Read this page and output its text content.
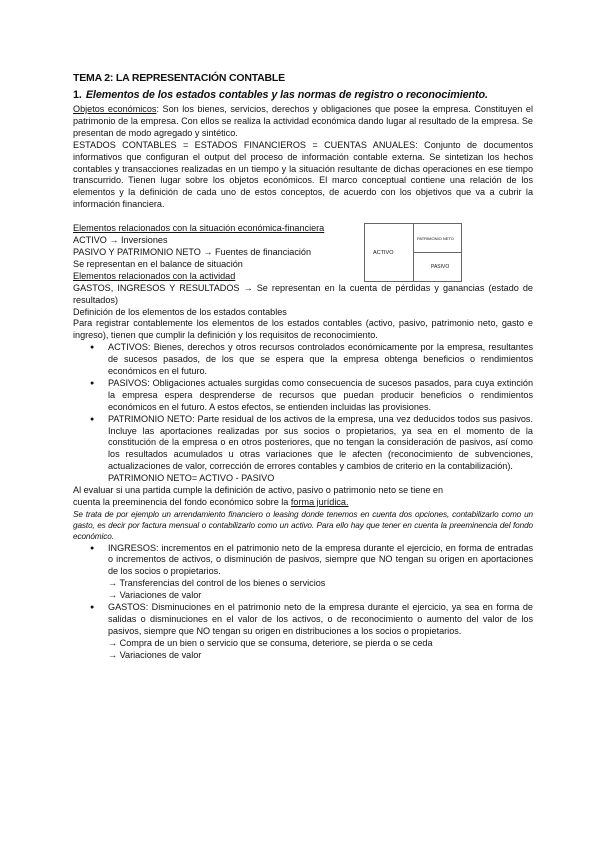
TEMA 2: LA REPRESENTACIÓN CONTABLE
1. Elementos de los estados contables y las normas de registro o reconocimiento.

Objetos económicos: Son los bienes, servicios, derechos y obligaciones que posee la empresa. Constituyen el patrimonio de la empresa. Con ellos se realiza la actividad económica dando lugar al resultado de la empresa. Se presentan de modo agregado y sintético.

ESTADOS CONTABLES = ESTADOS FINANCIEROS = CUENTAS ANUALES: Conjunto de documentos informativos que configuran el output del proceso de información contable externa. Se sintetizan los hechos contables y transacciones realizadas en un tiempo y la situación resultante de dichas operaciones en ese tiempo transcurrido. Tienen lugar sobre los objetos económicos. El marco conceptual contiene una relación de los elementos y la definición de cada uno de estos conceptos, de acuerdo con los objetivos que va a cubrir la información financiera.

Elementos relacionados con la situación económica-financiera
ACTIVO → Inversiones
PASIVO Y PATRIMONIO NETO → Fuentes de financiación
Se representan en el balance de situación
ACTIVO
PATRIMONIO NETO
PASIVO
Elementos relacionados con la actividad

GASTOS, INGRESOS Y RESULTADOS → Se representan en la cuenta de pérdidas y ganancias (estado de resultados)

Definición de los elementos de los estados contables

Para registrar contablemente los elementos de los estados contables (activo, pasivo, patrimonio neto, gasto e ingreso), tienen que cumplir la definición y los requisitos de reconocimiento.

● ACTIVOS: Bienes, derechos y otros recursos controlados económicamente por la empresa, resultantes de sucesos pasados, de los que se espera que la empresa obtenga beneficios o rendimientos económicos en el futuro.
● PASIVOS: Obligaciones actuales surgidas como consecuencia de sucesos pasados, para cuya extinción la empresa espera desprenderse de recursos que puedan producir beneficios o rendimientos económicos en el futuro. A estos efectos, se entienden incluidas las provisiones.
● PATRIMONIO NETO: Parte residual de los activos de la empresa, una vez deducidos todos sus pasivos. Incluye las aportaciones realizadas por sus socios o propietarios, ya sea en el momento de la constitución de la empresa o en otros posteriores, que no tengan la consideración de pasivos, así como los resultados acumulados u otras variaciones que le afecten (reconocimiento de subvenciones, actualizaciones de valor, corrección de errores contables y cambios de criterio en la contabilización).
PATRIMONIO NETO= ACTIVO - PASIVO
Al evaluar si una partida cumple la definición de activo, pasivo o patrimonio neto se tiene en
cuenta la preeminencia del fondo económico sobre la forma jurídica.

Se trata de por ejemplo un arrendamiento financiero o leasing donde tenemos en cuenta dos opciones, contabilizarlo como un gasto, es decir por factura mensual o contabilizarlo como un activo. Para ello hay que tener en cuenta la preeminencia del fondo económico.

● INGRESOS: incrementos en el patrimonio neto de la empresa durante el ejercicio, en forma de entradas o incrementos de activos, o disminución de pasivos, siempre que NO tengan su origen en aportaciones de los socios o propietarios.
→ Transferencias del control de los bienes o servicios
→ Variaciones de valor
● GASTOS: Disminuciones en el patrimonio neto de la empresa durante el ejercicio, ya sea en forma de salidas o disminuciones en el valor de los activos, o de reconocimiento o aumento del valor de los pasivos, siempre que NO tengan su origen en distribuciones a los socios o propietarios.
→ Compra de un bien o servicio que se consuma, deteriore, se pierda o se ceda
→ Variaciones de valor
